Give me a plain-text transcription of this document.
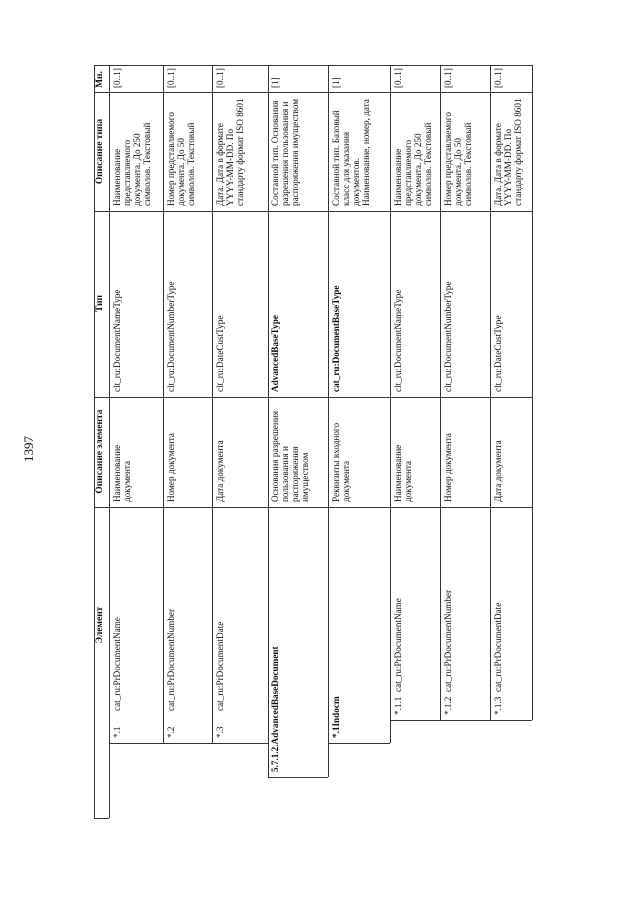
1397
Мн.
Описание типа
Тип
Описание элемента
Элемент
*.1
cat_ru:PrDocumentName
Наименование документа
clt_ru:DocumentNameType
Наименование представляемого документа. До 250 символов. Текстовый
[0..1]
*.2
cat_ru:PrDocumentNumber
Номер документа
clt_ru:DocumentNumberType
Номер представляемого документа. До 50 символов. Текстовый
[0..1]
*.3
cat_ru:PrDocumentDate
Дата документа
clt_ru:DateCustType
Дата. Дата в формате YYYY-MM-DD. По стандарту формат ISO 8601
[0..1]
5.7.1.2.AdvancedBaseDocument
Основания разрешения пользования и распоряжения имуществом
AdvancedBaseType
Составной тип. Основания разрешения пользования и распоряжения имуществом
[1]
*.1Indocm
Реквизиты входного документа
cat_ru:DocumentBaseType
Составной тип. Базовый класс для указания документов. Наименование, номер, дата
[1]
*.1.1
cat_ru:PrDocumentName
Наименование документа
clt_ru:DocumentNameType
Наименование представляемого документа. До 250 символов. Текстовый
[0..1]
*.1.2
cat_ru:PrDocumentNumber
Номер документа
clt_ru:DocumentNumberType
Номер представляемого документа. До 50 символов. Текстовый
[0..1]
*.1.3
cat_ru:PrDocumentDate
Дата документа
clt_ru:DateCustType
Дата. Дата в формате YYYY-MM-DD. По стандарту формат ISO 8601
[0..1]
